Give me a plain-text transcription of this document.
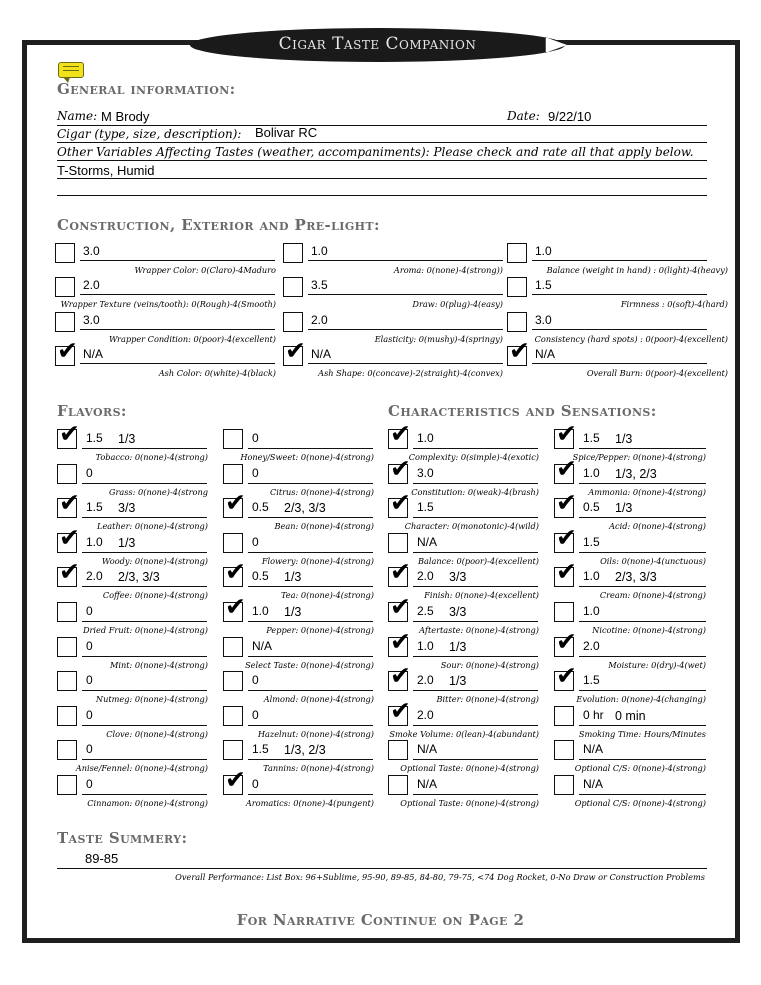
Cigar Taste Companion
General information:
Name: M Brody	Date: 9/22/10
Cigar (type, size, description): Bolivar RC
Other Variables Affecting Tastes (weather, accompaniments): Please check and rate all that apply below.
T-Storms, Humid
Construction, Exterior and Pre-light:
3.0
Wrapper Color: 0(Claro)-4Maduro
1.0
Aroma: 0(none)-4(strong))
1.0
Balance (weight in hand) : 0(light)-4(heavy)
2.0
Wrapper Texture (veins/tooth): 0(Rough)-4(Smooth)
3.5
Draw: 0(plug)-4(easy)
1.5
Firmness : 0(soft)-4(hard)
3.0
Wrapper Condition: 0(poor)-4(excellent)
2.0
Elasticity: 0(mushy)-4(springy)
3.0
Consistency (hard spots) : 0(poor)-4(excellent)
✔ N/A
Ash Color: 0(white)-4(black)
✔ N/A
Ash Shape: 0(concave)-2(straight)-4(convex)
✔ N/A
Overall Burn: 0(poor)-4(excellent)
Flavors:	Characteristics and Sensations:
✔ 1.5 1/3
Tobacco: 0(none)-4(strong)
0
Grass: 0(none)-4(strong
✔ 1.5 3/3
Leather: 0(none)-4(strong)
✔ 1.0 1/3
Woody: 0(none)-4(strong)
✔ 2.0 2/3, 3/3
Coffee: 0(none)-4(strong)
0
Dried Fruit: 0(none)-4(strong)
0
Mint: 0(none)-4(strong)
0
Nutmeg: 0(none)-4(strong)
0
Clove: 0(none)-4(strong)
0
Anise/Fennel: 0(none)-4(strong)
0
Cinnamon: 0(none)-4(strong)
0
Honey/Sweet: 0(none)-4(strong)
0
Citrus: 0(none)-4(strong)
✔ 0.5 2/3, 3/3
Bean: 0(none)-4(strong)
0
Flowery: 0(none)-4(strong)
✔ 0.5 1/3
Tea: 0(none)-4(strong)
✔ 1.0 1/3
Pepper: 0(none)-4(strong)
N/A
Select Taste: 0(none)-4(strong)
0
Almond: 0(none)-4(strong)
0
Hazelnut: 0(none)-4(strong)
1.5 1/3, 2/3
Tannins: 0(none)-4(strong)
✔ 0
Aromatics: 0(none)-4(pungent)
✔ 1.0
Complexity: 0(simple)-4(exotic)
✔ 3.0
Constitution: 0(weak)-4(brash)
✔ 1.5
Character: 0(monotonic)-4(wild)
N/A
Balance: 0(poor)-4(excellent)
✔ 2.0 3/3
Finish: 0(none)-4(excellent)
✔ 2.5 3/3
Aftertaste: 0(none)-4(strong)
✔ 1.0 1/3
Sour: 0(none)-4(strong)
✔ 2.0 1/3
Bitter: 0(none)-4(strong)
✔ 2.0
Smoke Volume: 0(lean)-4(abundant)
N/A
Optional Taste: 0(none)-4(strong)
N/A
Optional Taste: 0(none)-4(strong)
✔ 1.5 1/3
Spice/Pepper: 0(none)-4(strong)
✔ 1.0 1/3, 2/3
Ammonia: 0(none)-4(strong)
✔ 0.5 1/3
Acid: 0(none)-4(strong)
✔ 1.5
Oils: 0(none)-4(unctuous)
✔ 1.0 2/3, 3/3
Cream: 0(none)-4(strong)
1.0
Nicotine: 0(none)-4(strong)
✔ 2.0
Moisture: 0(dry)-4(wet)
✔ 1.5
Evolution: 0(none)-4(changing)
0 hr 0 min
Smoking Time: Hours/Minutes
N/A
Optional C/S: 0(none)-4(strong)
N/A
Optional C/S: 0(none)-4(strong)
Taste Summery:
89-85
Overall Performance: List Box: 96+Sublime, 95-90, 89-85, 84-80, 79-75, <74 Dog Rocket, 0-No Draw or Construction Problems
For Narrative Continue on Page 2
